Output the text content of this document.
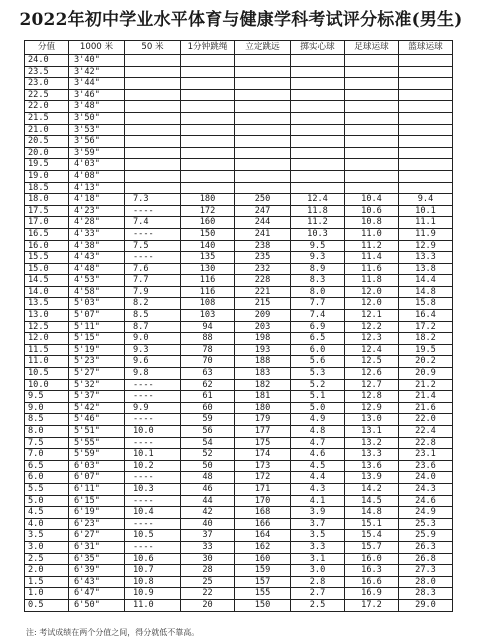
2022年初中学业水平体育与健康学科考试评分标准(男生)
分值	1000 米	50 米	1分钟跳绳	立定跳远	掷实心球	足球运球	篮球运球
24.0	3'40"						
23.5	3'42"						
23.0	3'44"						
22.5	3'46"						
22.0	3'48"						
21.5	3'50"						
21.0	3'53"						
20.5	3'56"						
20.0	3'59"						
19.5	4'03"						
19.0	4'08"						
18.5	4'13"						
18.0	4'18"	7.3	180	250	12.4	10.4	9.4
17.5	4'23"	----	172	247	11.8	10.6	10.1
17.0	4'28"	7.4	160	244	11.2	10.8	11.1
16.5	4'33"	----	150	241	10.3	11.0	11.9
16.0	4'38"	7.5	140	238	9.5	11.2	12.9
15.5	4'43"	----	135	235	9.3	11.4	13.3
15.0	4'48"	7.6	130	232	8.9	11.6	13.8
14.5	4'53"	7.7	116	228	8.3	11.8	14.4
14.0	4'58"	7.9	116	221	8.0	12.0	14.8
13.5	5'03"	8.2	108	215	7.7	12.0	15.8
13.0	5'07"	8.5	103	209	7.4	12.1	16.4
12.5	5'11"	8.7	94	203	6.9	12.2	17.2
12.0	5'15"	9.0	88	198	6.5	12.3	18.2
11.5	5'19"	9.3	78	193	6.0	12.4	19.5
11.0	5'23"	9.6	70	188	5.6	12.5	20.2
10.5	5'27"	9.8	63	183	5.3	12.6	20.9
10.0	5'32"	----	62	182	5.2	12.7	21.2
9.5	5'37"	----	61	181	5.1	12.8	21.4
9.0	5'42"	9.9	60	180	5.0	12.9	21.6
8.5	5'46"	----	59	179	4.9	13.0	22.0
8.0	5'51"	10.0	56	177	4.8	13.1	22.4
7.5	5'55"	----	54	175	4.7	13.2	22.8
7.0	5'59"	10.1	52	174	4.6	13.3	23.1
6.5	6'03"	10.2	50	173	4.5	13.6	23.6
6.0	6'07"	----	48	172	4.4	13.9	24.0
5.5	6'11"	10.3	46	171	4.3	14.2	24.3
5.0	6'15"	----	44	170	4.1	14.5	24.6
4.5	6'19"	10.4	42	168	3.9	14.8	24.9
4.0	6'23"	----	40	166	3.7	15.1	25.3
3.5	6'27"	10.5	37	164	3.5	15.4	25.9
3.0	6'31"	----	33	162	3.3	15.7	26.3
2.5	6'35"	10.6	30	160	3.1	16.0	26.8
2.0	6'39"	10.7	28	159	3.0	16.3	27.3
1.5	6'43"	10.8	25	157	2.8	16.6	28.0
1.0	6'47"	10.9	22	155	2.7	16.9	28.3
0.5	6'50"	11.0	20	150	2.5	17.2	29.0
注: 考试成绩在两个分值之间，得分就低不靠高。
